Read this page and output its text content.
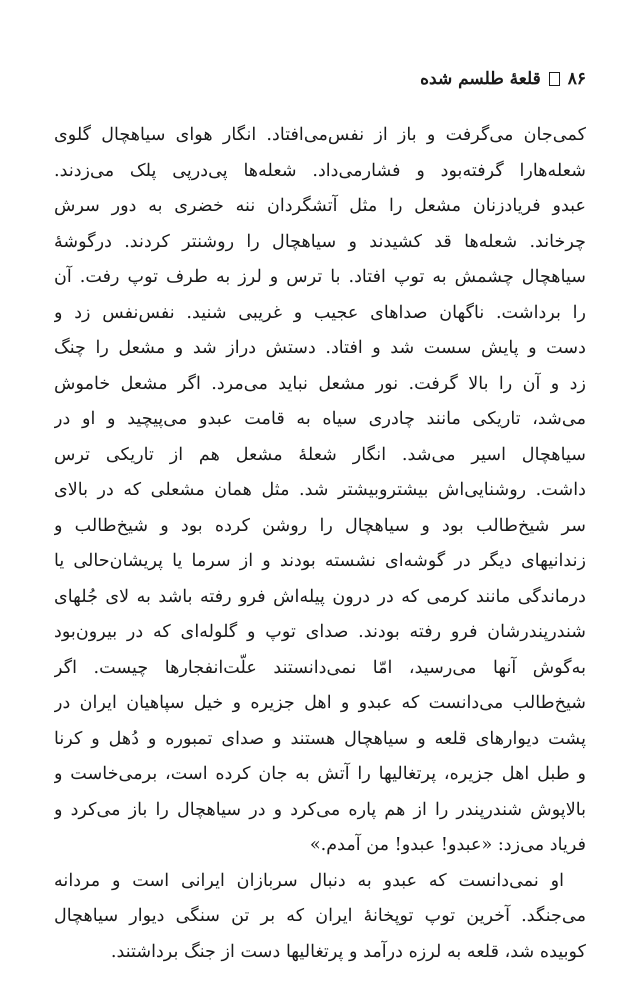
۸۶
قلعهٔ طلسم شده
کمی‌جان می‌گرفت و باز از نفس‌می‌افتاد. انگار هوای سیاهچال گلوی
شعله‌هارا گرفته‌بود و فشارمی‌داد. شعله‌ها پی‌درپی پلک می‌زدند.
عبدو فریادزنان مشعل را مثل آتشگردان ننه خضری به دور سرش
چرخاند. شعله‌ها قد کشیدند و سیاهچال را روشنتر کردند. درگوشهٔ
سیاهچال چشمش به توپ افتاد. با ترس و لرز به طرف توپ رفت. آن
را برداشت. ناگهان صداهای عجیب و غریبی شنید. نفس‌نفس زد و
دست و پایش سست شد و افتاد. دستش دراز شد و مشعل را چنگ
زد و آن را بالا گرفت. نور مشعل نباید می‌مرد. اگر مشعل خاموش
می‌شد، تاریکی مانند چادری سیاه به قامت عبدو می‌پیچید و او در
سیاهچال اسیر می‌شد. انگار شعلهٔ مشعل هم از تاریکی ترس
داشت. روشنایی‌اش بیشتروبیشتر شد. مثل همان مشعلی که در بالای
سر شیخ‌طالب بود و سیاهچال را روشن کرده بود و شیخ‌طالب و
زندانیهای دیگر در گوشه‌ای نشسته بودند و از سرما یا پریشان‌حالی یا
درماندگی مانند کرمی که در درون پیله‌اش فرو رفته باشد به لای جُلهای
شندرپندرشان فرو رفته بودند. صدای توپ و گلوله‌ای که در بیرون‌بود
به‌گوش آنها می‌رسید، امّا نمی‌دانستند علّت‌انفجارها چیست. اگر
شیخ‌طالب می‌دانست که عبدو و اهل جزیره و خیل سپاهیان ایران در
پشت دیوارهای قلعه و سیاهچال هستند و صدای تمبوره و دُهل و کرنا
و طبل اهل جزیره، پرتغالیها را آتش به جان کرده است، برمی‌خاست و
بالاپوش شندرپندر را از هم پاره می‌کرد و در سیاهچال را باز می‌کرد و
فریاد می‌زد: «عبدو! عبدو! من آمدم.»
او نمی‌دانست که عبدو به دنبال سربازان ایرانی است و مردانه
می‌جنگد. آخرین توپ توپخانهٔ ایران که بر تن سنگی دیوار سیاهچال
کوبیده شد، قلعه به لرزه درآمد و پرتغالیها دست از جنگ برداشتند.
